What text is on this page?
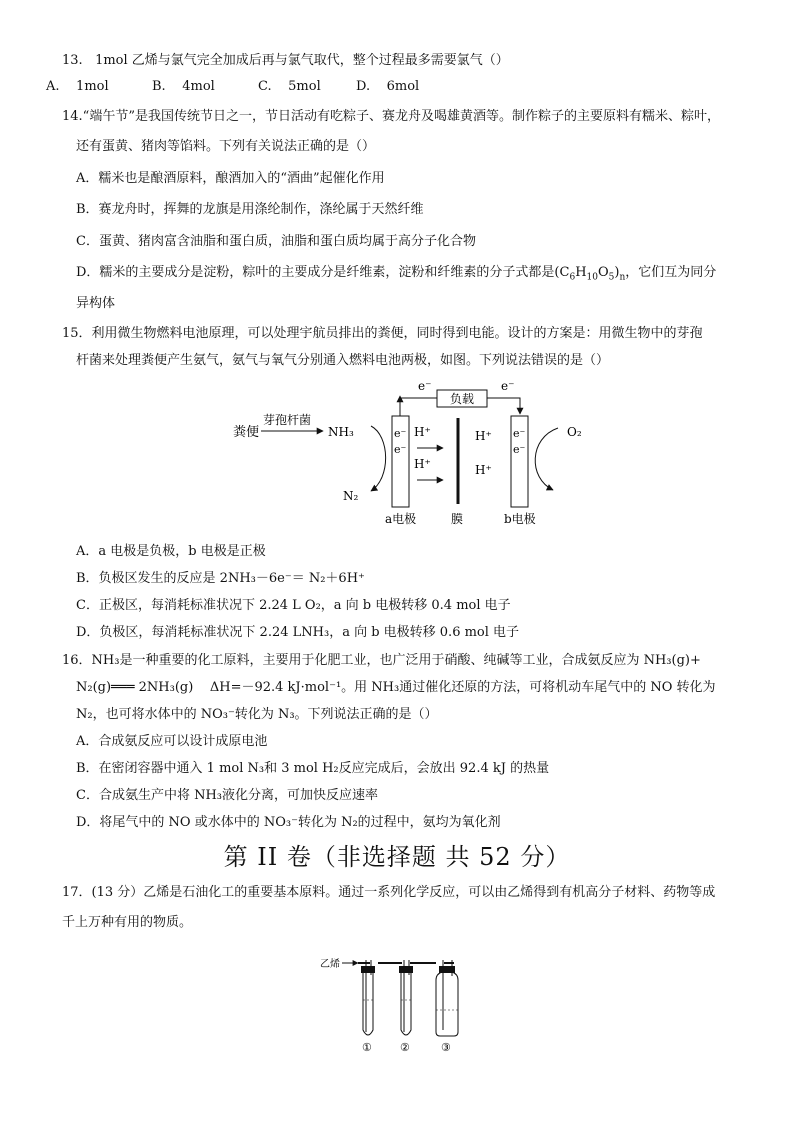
13.   1mol 乙烯与氯气完全加成后再与氯气取代，整个过程最多需要氯气（）
A.    1mol	B.    4mol	C.    5mol	D.    6mol
14.“端午节”是我国传统节日之一，节日活动有吃粽子、赛龙舟及喝雄黄酒等。制作粽子的主要原料有糯米、粽叶，
还有蛋黄、猪肉等馅料。下列有关说法正确的是（）
A．糯米也是酿酒原料，酿酒加入的“酒曲”起催化作用
B．赛龙舟时，挥舞的龙旗是用涤纶制作，涤纶属于天然纤维
C．蛋黄、猪肉富含油脂和蛋白质，油脂和蛋白质均属于高分子化合物
D．糯米的主要成分是淀粉，粽叶的主要成分是纤维素，淀粉和纤维素的分子式都是$(C_6H_{10}O_5)_n$，它们互为同分
异构体
15．利用微生物燃料电池原理，可以处理宇航员排出的粪便，同时得到电能。设计的方案是：用微生物中的芽孢
杆菌来处理粪便产生氨气，氨气与氧气分别通入燃料电池两极，如图。下列说法错误的是（）
负载
e⁻	e⁻
粪便
芽孢杆菌
NH₃
N₂
e⁻
e⁻
a电极
H⁺
H⁺
膜
H⁺
H⁺
e⁻
e⁻
b电极
O₂
A．a 电极是负极，b 电极是正极
B．负极区发生的反应是 2NH₃－6e⁻＝ N₂＋6H⁺
C．正极区，每消耗标准状况下 2.24 L O₂，a 向 b 电极转移 0.4 mol 电子
D．负极区，每消耗标准状况下 2.24 LNH₃，a 向 b 电极转移 0.6 mol 电子
16．NH₃是一种重要的化工原料，主要用于化肥工业，也广泛用于硝酸、纯碱等工业，合成氨反应为 NH₃(g)+
N₂(g)═══ 2NH₃(g)    ΔH=－92.4 kJ·mol⁻¹。用 NH₃通过催化还原的方法，可将机动车尾气中的 NO 转化为
N₂，也可将水体中的 NO₃⁻转化为 N₃。下列说法正确的是（）
A．合成氨反应可以设计成原电池
B．在密闭容器中通入 1 mol N₃和 3 mol H₂反应完成后，会放出 92.4 kJ 的热量
C．合成氨生产中将 NH₃液化分离，可加快反应速率
D．将尾气中的 NO 或水体中的 NO₃⁻转化为 N₂的过程中，氨均为氧化剂
第 II 卷（非选择题 共 52 分）
17．(13 分）乙烯是石油化工的重要基本原料。通过一系列化学反应，可以由乙烯得到有机高分子材料、药物等成
千上万种有用的物质。
乙烯
①	②	③
